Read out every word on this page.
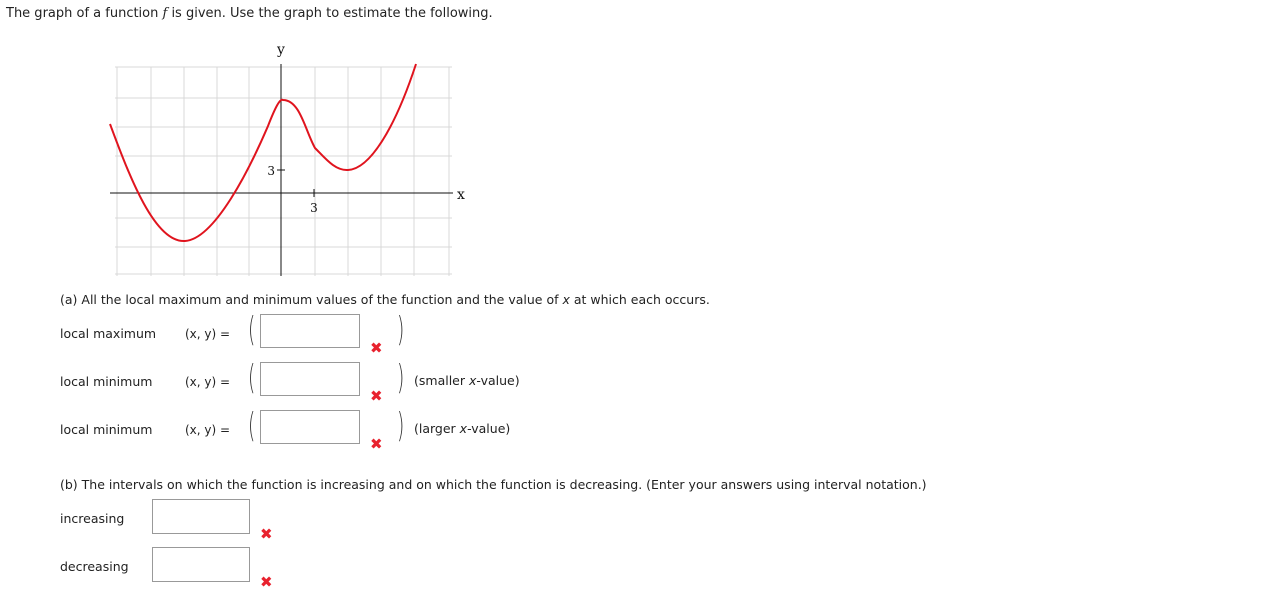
The graph of a function f is given. Use the graph to estimate the following.
y
x
3
3
(a) All the local maximum and minimum values of the function and the value of x at which each occurs.
local maximum (x, y) = (	)
✖
local minimum	(x, y) = (	) (smaller x-value)
✖
local minimum	(x, y) = (	) (larger x-value)
✖
(b) The intervals on which the function is increasing and on which the function is decreasing. (Enter your answers using interval notation.)
increasing
✖
decreasing
✖
